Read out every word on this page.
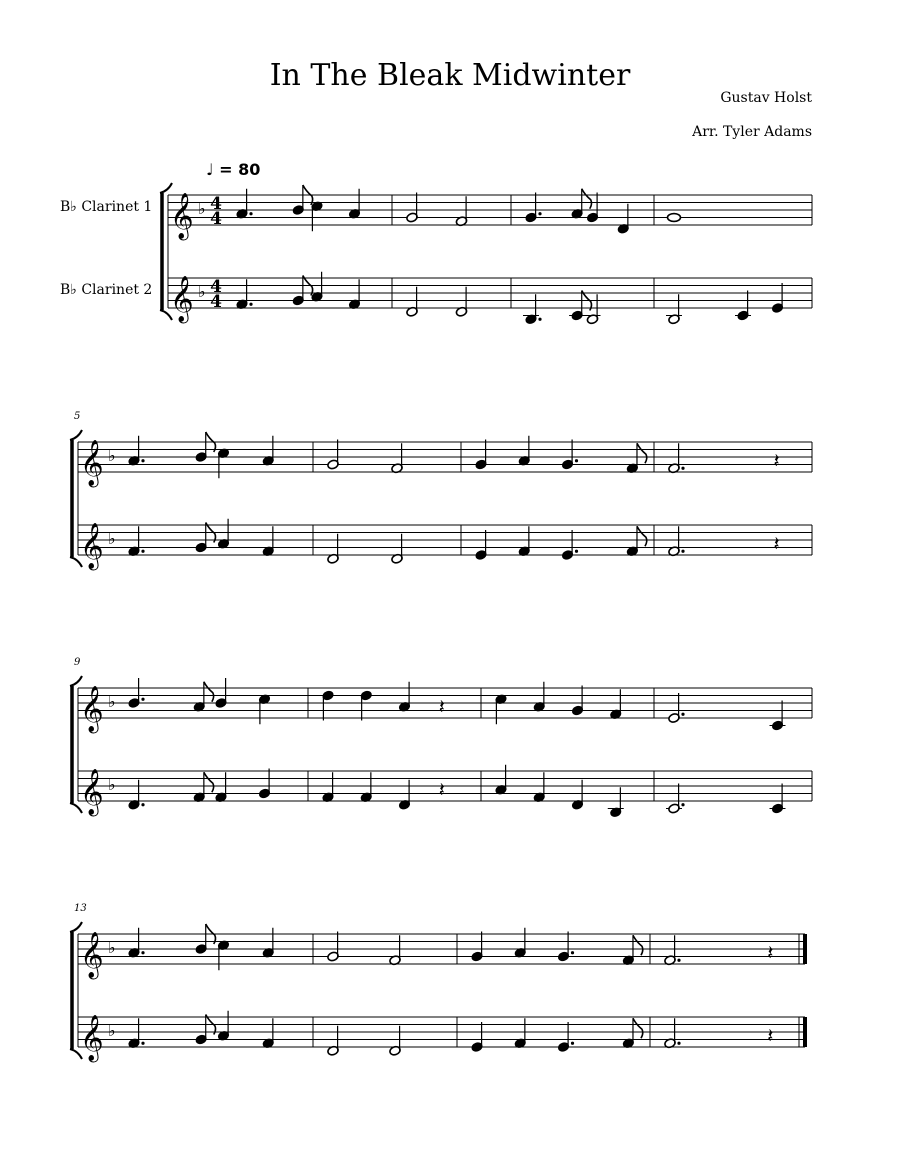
In The Bleak Midwinter
Gustav Holst
Arr. Tyler Adams
♩ = 80
B♭ Clarinet 1
B♭ Clarinet 2
5
9
13
𝄞 ♭ 4
4
𝄞 ♭ 4
4
𝄞 ♭
𝄞 ♭
𝄽
𝄽
𝄞 ♭
𝄞 ♭
𝄽
𝄽
𝄞 ♭
𝄞 ♭
𝄽
𝄽
